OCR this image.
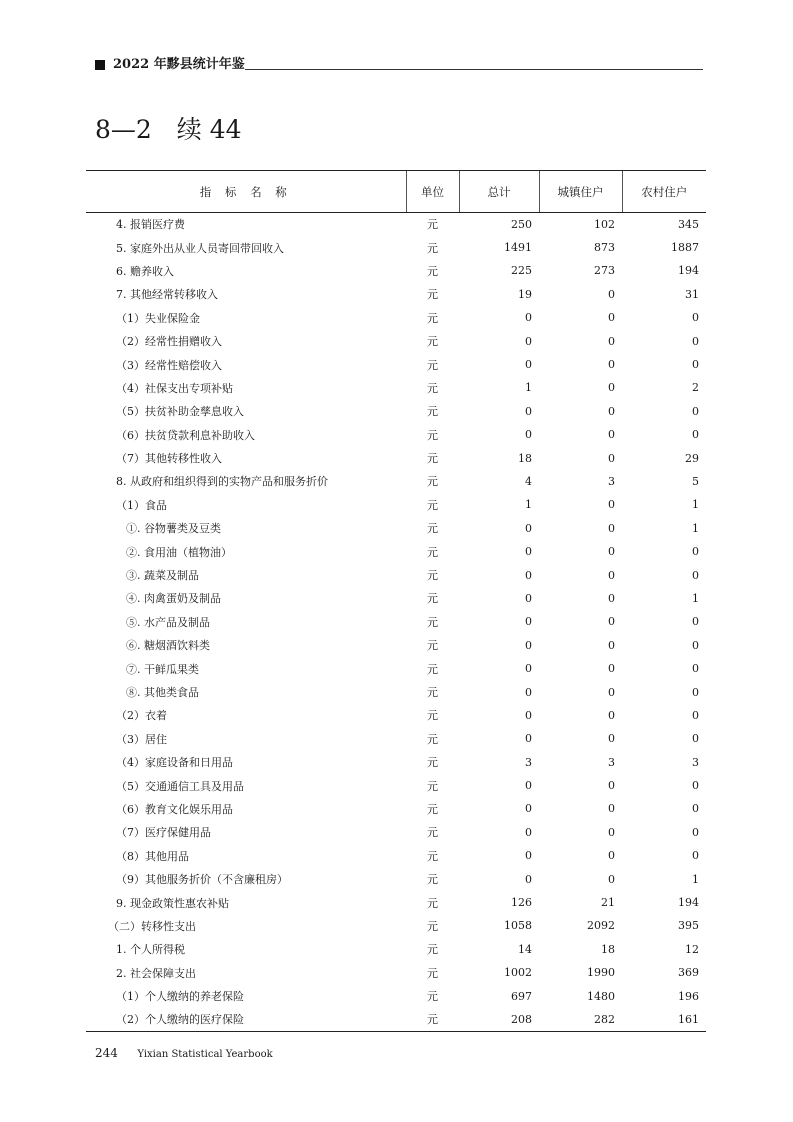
2022 年黟县统计年鉴
8—2　续 44
指 标 名 称	单位	总计	城镇住户	农村住户
4. 报销医疗费	元	250	102	345
5. 家庭外出从业人员寄回带回收入	元	1491	873	1887
6. 赡养收入	元	225	273	194
7. 其他经常转移收入	元	19	0	31
（1）失业保险金	元	0	0	0
（2）经常性捐赠收入	元	0	0	0
（3）经常性赔偿收入	元	0	0	0
（4）社保支出专项补贴	元	1	0	2
（5）扶贫补助金孳息收入	元	0	0	0
（6）扶贫贷款利息补助收入	元	0	0	0
（7）其他转移性收入	元	18	0	29
8. 从政府和组织得到的实物产品和服务折价	元	4	3	5
（1）食品	元	1	0	1
①. 谷物薯类及豆类	元	0	0	1
②. 食用油（植物油）	元	0	0	0
③. 蔬菜及制品	元	0	0	0
④. 肉禽蛋奶及制品	元	0	0	1
⑤. 水产品及制品	元	0	0	0
⑥. 糖烟酒饮料类	元	0	0	0
⑦. 干鲜瓜果类	元	0	0	0
⑧. 其他类食品	元	0	0	0
（2）衣着	元	0	0	0
（3）居住	元	0	0	0
（4）家庭设备和日用品	元	3	3	3
（5）交通通信工具及用品	元	0	0	0
（6）教育文化娱乐用品	元	0	0	0
（7）医疗保健用品	元	0	0	0
（8）其他用品	元	0	0	0
（9）其他服务折价（不含廉租房）	元	0	0	1
9. 现金政策性惠农补贴	元	126	21	194
（二）转移性支出	元	1058	2092	395
1. 个人所得税	元	14	18	12
2. 社会保障支出	元	1002	1990	369
（1）个人缴纳的养老保险	元	697	1480	196
（2）个人缴纳的医疗保险	元	208	282	161
244 Yixian Statistical Yearbook
